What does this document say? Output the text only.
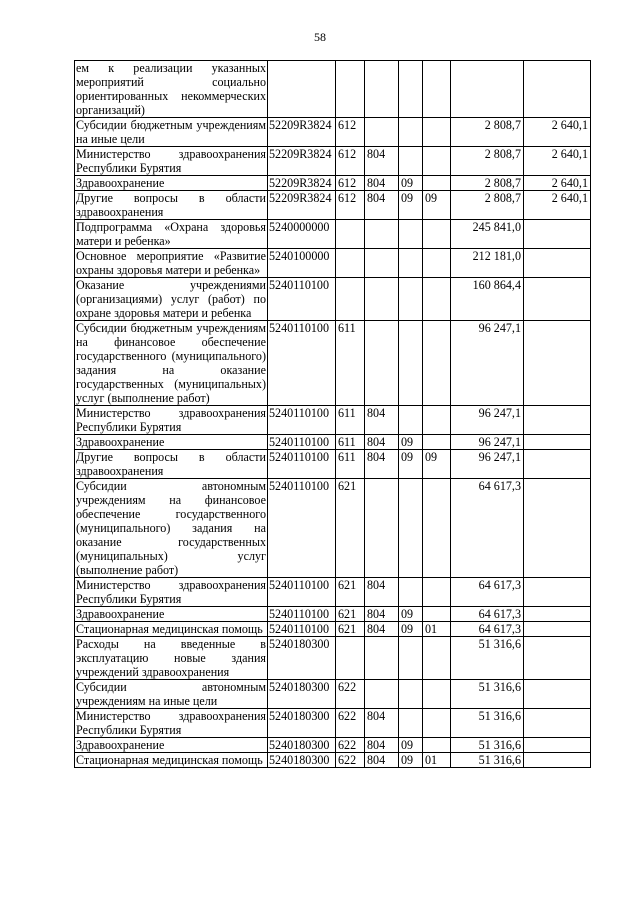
58
ем к реализации указанных мероприятий социально ориентированных некоммерческих организаций)							
Субсидии бюджетным учреждениям на иные цели	52209R3824	612				2 808,7	2 640,1
Министерство здравоохранения Республики Бурятия	52209R3824	612	804			2 808,7	2 640,1
Здравоохранение	52209R3824	612	804	09		2 808,7	2 640,1
Другие вопросы в области здравоохранения	52209R3824	612	804	09	09	2 808,7	2 640,1
Подпрограмма «Охрана здоровья матери и ребенка»	5240000000					245 841,0	
Основное мероприятие «Развитие охраны здоровья матери и ребенка»	5240100000					212 181,0	
Оказание учреждениями (организациями) услуг (работ) по охране здоровья матери и ребенка	5240110100					160 864,4	
Субсидии бюджетным учреждениям на финансовое обеспечение государственного (муниципального) задания на оказание государственных (муниципальных) услуг (выполнение работ)	5240110100	611				96 247,1	
Министерство здравоохранения Республики Бурятия	5240110100	611	804			96 247,1	
Здравоохранение	5240110100	611	804	09		96 247,1	
Другие вопросы в области здравоохранения	5240110100	611	804	09	09	96 247,1	
Субсидии автономным учреждениям на финансовое обеспечение государственного (муниципального) задания на оказание государственных (муниципальных) услуг (выполнение работ)	5240110100	621				64 617,3	
Министерство здравоохранения Республики Бурятия	5240110100	621	804			64 617,3	
Здравоохранение	5240110100	621	804	09		64 617,3	
Стационарная медицинская помощь	5240110100	621	804	09	01	64 617,3	
Расходы на введенные в эксплуатацию новые здания учреждений здравоохранения	5240180300					51 316,6	
Субсидии автономным учреждениям на иные цели	5240180300	622				51 316,6	
Министерство здравоохранения Республики Бурятия	5240180300	622	804			51 316,6	
Здравоохранение	5240180300	622	804	09		51 316,6	
Стационарная медицинская помощь	5240180300	622	804	09	01	51 316,6	
